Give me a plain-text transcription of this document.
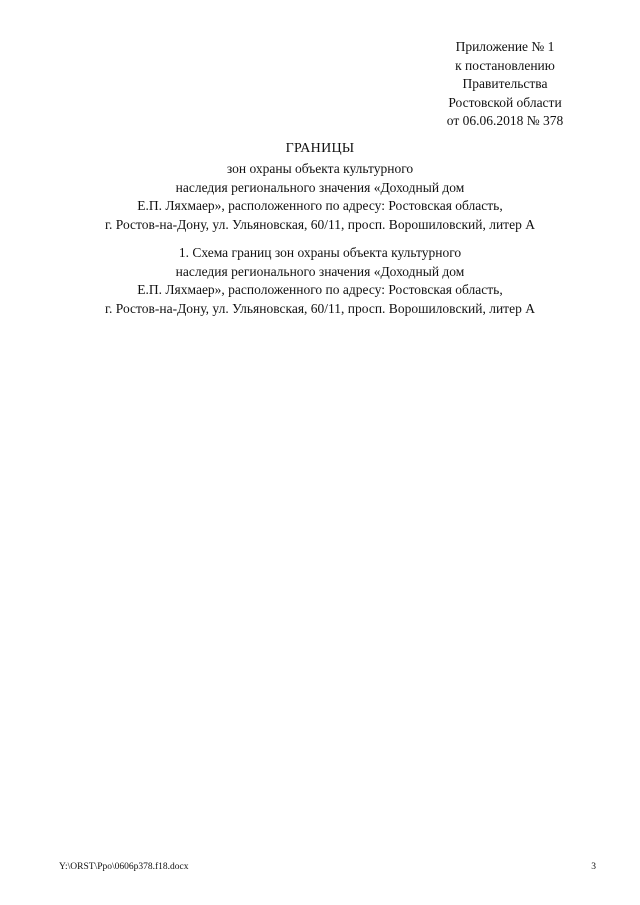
Приложение № 1
к постановлению
Правительства
Ростовской области
от 06.06.2018 № 378
ГРАНИЦЫ
зон охраны объекта культурного
наследия регионального значения «Доходный дом
Е.П. Ляхмаер», расположенного по адресу: Ростовская область,
г. Ростов-на-Дону, ул. Ульяновская, 60/11, просп. Ворошиловский, литер А
1. Схема границ зон охраны объекта культурного
наследия регионального значения «Доходный дом
Е.П. Ляхмаер», расположенного по адресу: Ростовская область,
г. Ростов-на-Дону, ул. Ульяновская, 60/11, просп. Ворошиловский, литер А
Y:\ORST\Ppo\0606p378.f18.docx	3
